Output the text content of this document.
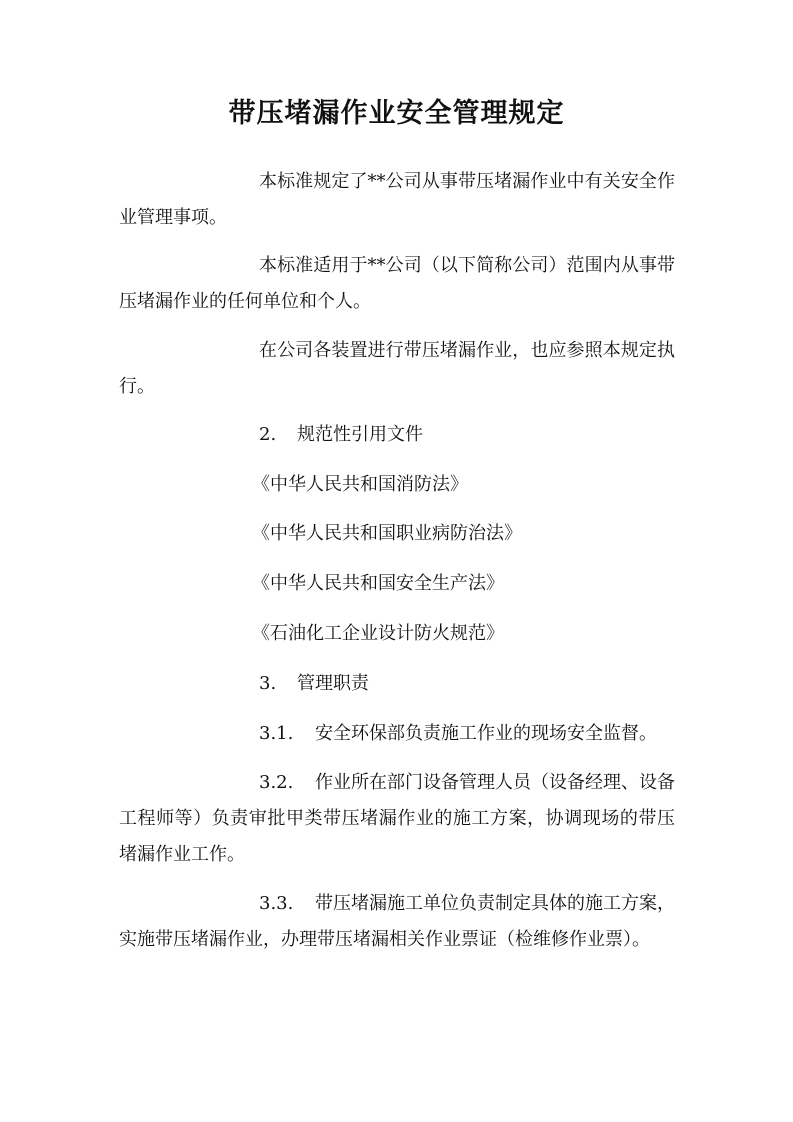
带压堵漏作业安全管理规定
本标准规定了**公司从事带压堵漏作业中有关安全作业管理事项。
本标准适用于**公司（以下简称公司）范围内从事带压堵漏作业的任何单位和个人。
在公司各装置进行带压堵漏作业，也应参照本规定执行。
2. 规范性引用文件
《中华人民共和国消防法》
《中华人民共和国职业病防治法》
《中华人民共和国安全生产法》
《石油化工企业设计防火规范》
3. 管理职责
3.1. 安全环保部负责施工作业的现场安全监督。
3.2. 作业所在部门设备管理人员（设备经理、设备工程师等）负责审批甲类带压堵漏作业的施工方案，协调现场的带压堵漏作业工作。
3.3. 带压堵漏施工单位负责制定具体的施工方案，实施带压堵漏作业，办理带压堵漏相关作业票证（检维修作业票）。
